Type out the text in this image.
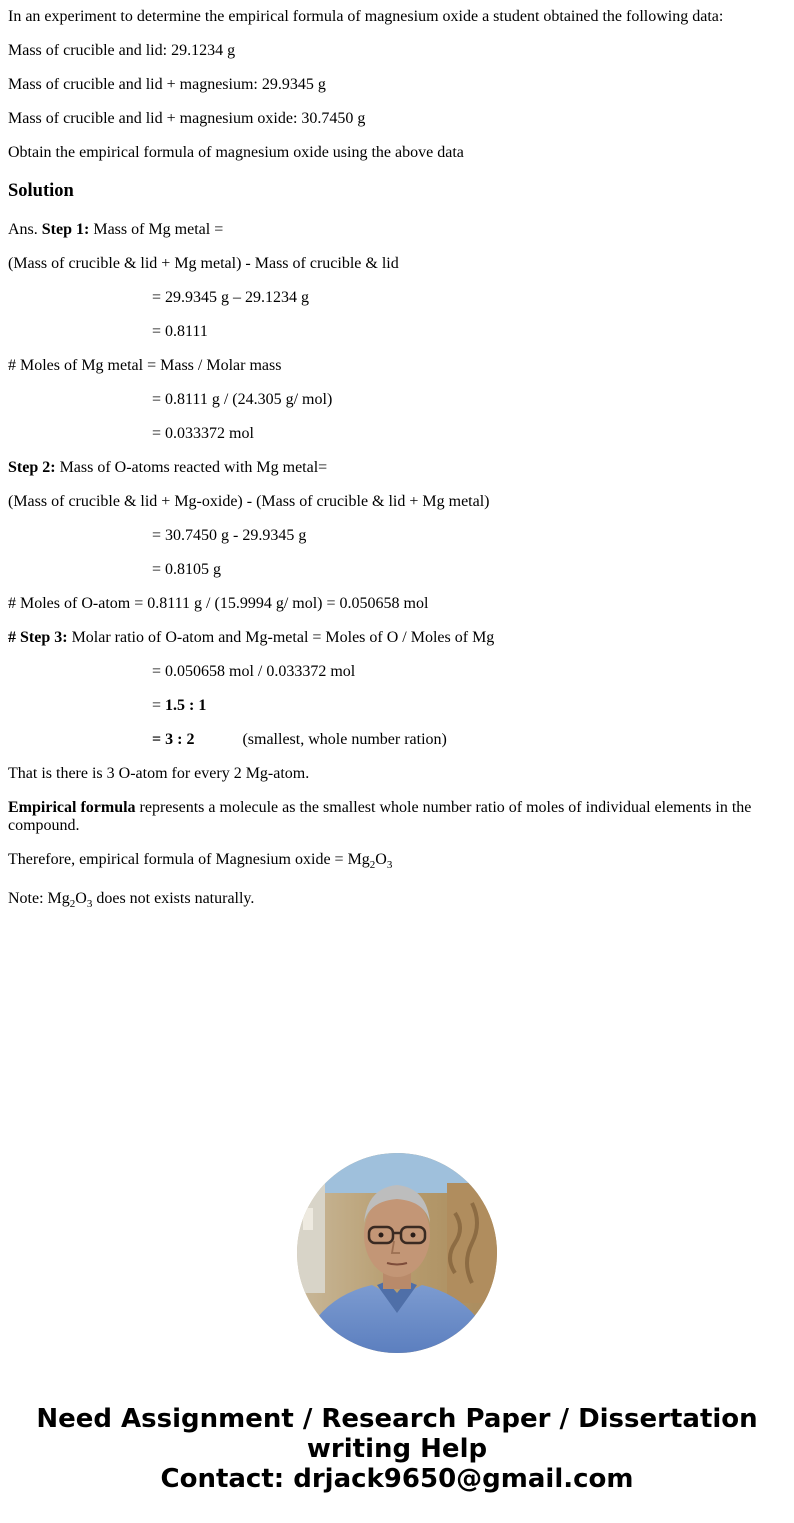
In an experiment to determine the empirical formula of magnesium oxide a student obtained the following data:
Mass of crucible and lid: 29.1234 g
Mass of crucible and lid + magnesium: 29.9345 g
Mass of crucible and lid + magnesium oxide: 30.7450 g
Obtain the empirical formula of magnesium oxide using the above data
Solution
Ans. Step 1: Mass of Mg metal =
(Mass of crucible & lid + Mg metal) - Mass of crucible & lid
= 29.9345 g – 29.1234 g
= 0.8111
# Moles of Mg metal = Mass / Molar mass
= 0.8111 g / (24.305 g/ mol)
= 0.033372 mol
Step 2: Mass of O-atoms reacted with Mg metal=
(Mass of crucible & lid + Mg-oxide) - (Mass of crucible & lid + Mg metal)
= 30.7450 g - 29.9345 g
= 0.8105 g
# Moles of O-atom = 0.8111 g / (15.9994 g/ mol) = 0.050658 mol
# Step 3: Molar ratio of O-atom and Mg-metal = Moles of O / Moles of Mg
= 0.050658 mol / 0.033372 mol
= 1.5 : 1
= 3 : 2	(smallest, whole number ration)
That is there is 3 O-atom for every 2 Mg-atom.
Empirical formula represents a molecule as the smallest whole number ratio of moles of individual elements in the compound.
Therefore, empirical formula of Magnesium oxide = $Mg_2O_3$
Note: $Mg_2O_3$ does not exists naturally.
Need Assignment / Research Paper / Dissertation
writing Help
Contact: drjack9650@gmail.com
